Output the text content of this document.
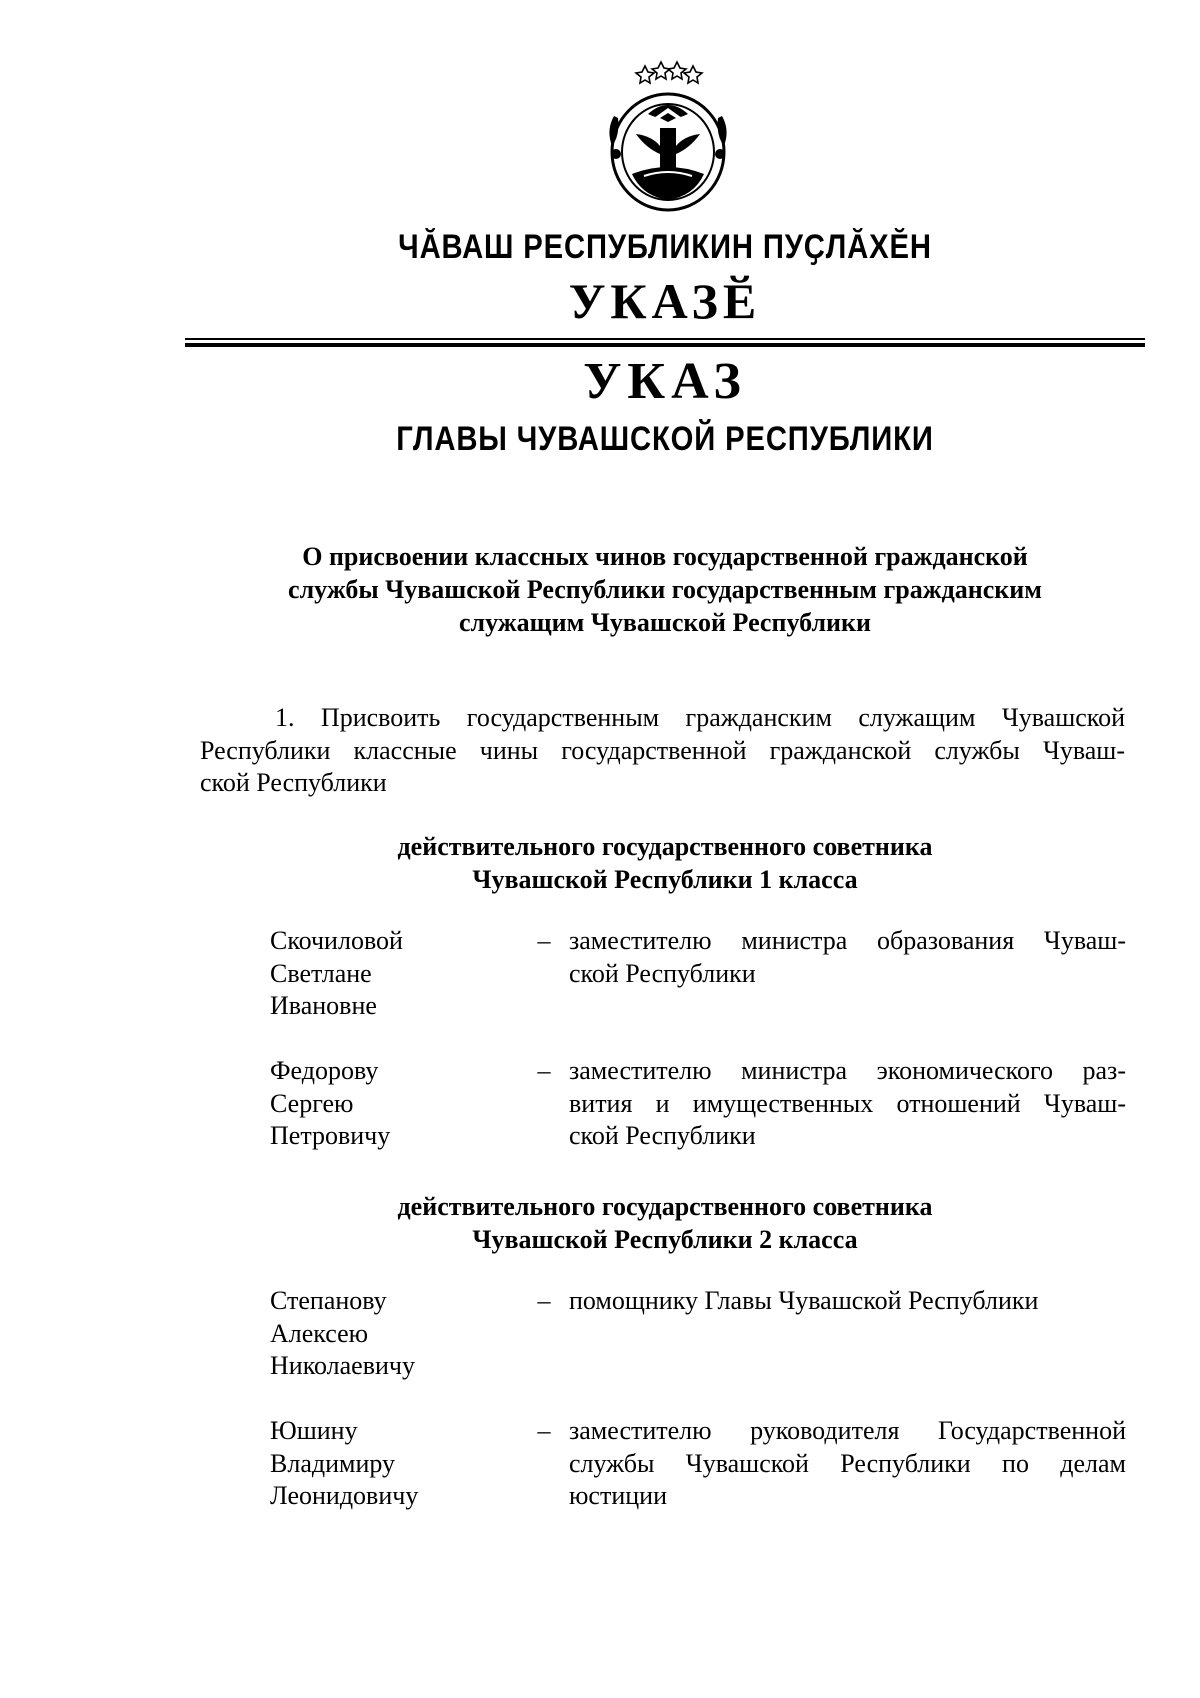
ЧӐВАШ РЕСПУБЛИКИН ПУҪЛӐХӖН
УКАЗӖ
УКАЗ
ГЛАВЫ ЧУВАШСКОЙ РЕСПУБЛИКИ
О присвоении классных чинов государственной гражданской
службы Чувашской Республики государственным гражданским
служащим Чувашской Республики
1. Присвоить государственным гражданским служащим Чувашской
Республики классные чины государственной гражданской службы Чуваш-
ской Республики
действительного государственного советника
Чувашской Республики 1 класса
Скочиловой
Светлане
Ивановне
– заместителю министра образования Чуваш-
ской Республики
Федорову
Сергею
Петровичу
– заместителю министра экономического раз-
вития и имущественных отношений Чуваш-
ской Республики
действительного государственного советника
Чувашской Республики 2 класса
Степанову
Алексею
Николаевичу
– помощнику Главы Чувашской Республики
Юшину
Владимиру
Леонидовичу
– заместителю руководителя Государственной
службы Чувашской Республики по делам
юстиции
